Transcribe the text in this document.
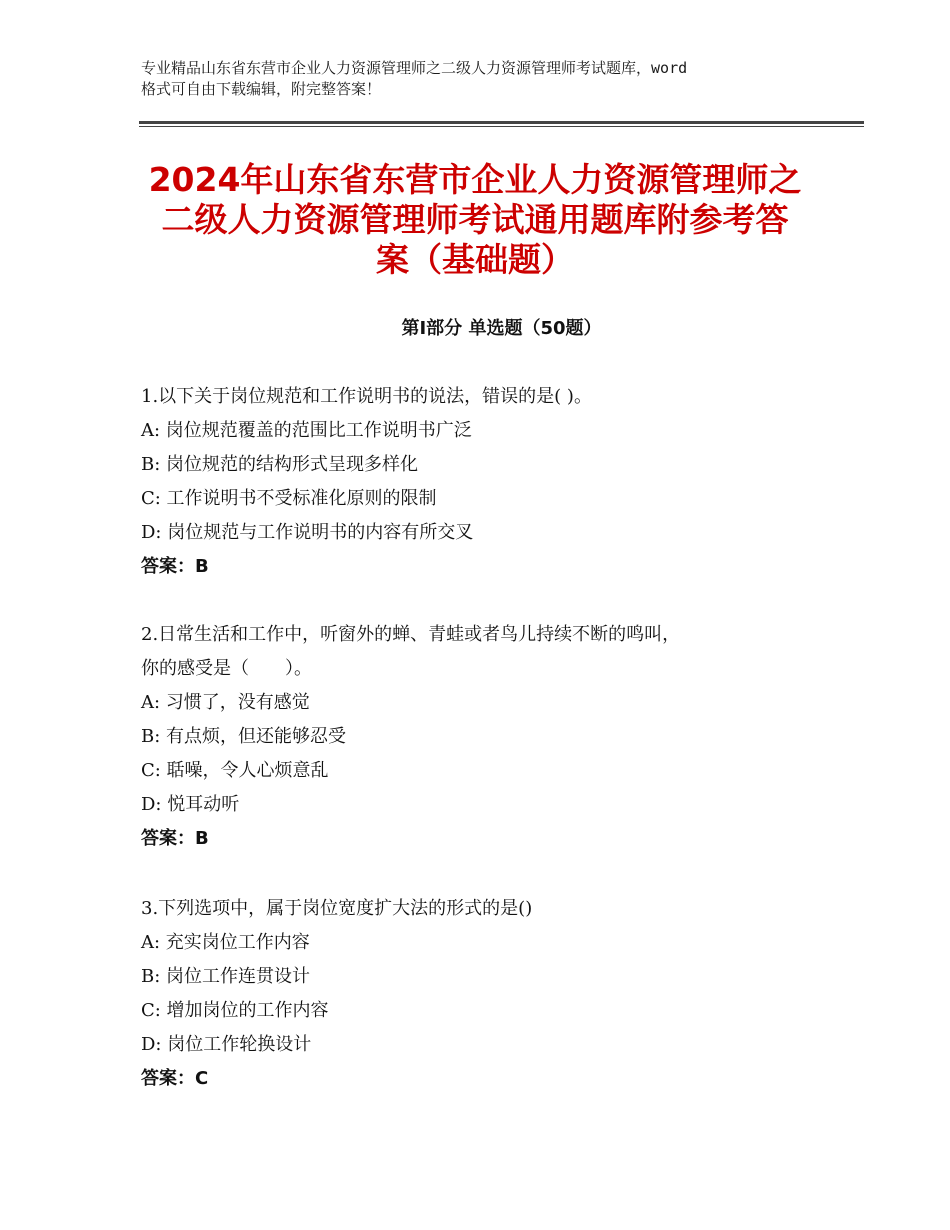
专业精品山东省东营市企业人力资源管理师之二级人力资源管理师考试题库，word
格式可自由下载编辑，附完整答案！
2024年山东省东营市企业人力资源管理师之
二级人力资源管理师考试通用题库附参考答
案（基础题）
第Ⅰ部分 单选题（50题）
1.以下关于岗位规范和工作说明书的说法，错误的是( )。
A: 岗位规范覆盖的范围比工作说明书广泛
B: 岗位规范的结构形式呈现多样化
C: 工作说明书不受标准化原则的限制
D: 岗位规范与工作说明书的内容有所交叉
答案：B
2.日常生活和工作中，听窗外的蝉、青蛙或者鸟儿持续不断的鸣叫，
你的感受是（　　）。
A: 习惯了，没有感觉
B: 有点烦，但还能够忍受
C: 聒噪，令人心烦意乱
D: 悦耳动听
答案：B
3.下列选项中，属于岗位宽度扩大法的形式的是()
A: 充实岗位工作内容
B: 岗位工作连贯设计
C: 增加岗位的工作内容
D: 岗位工作轮换设计
答案：C
